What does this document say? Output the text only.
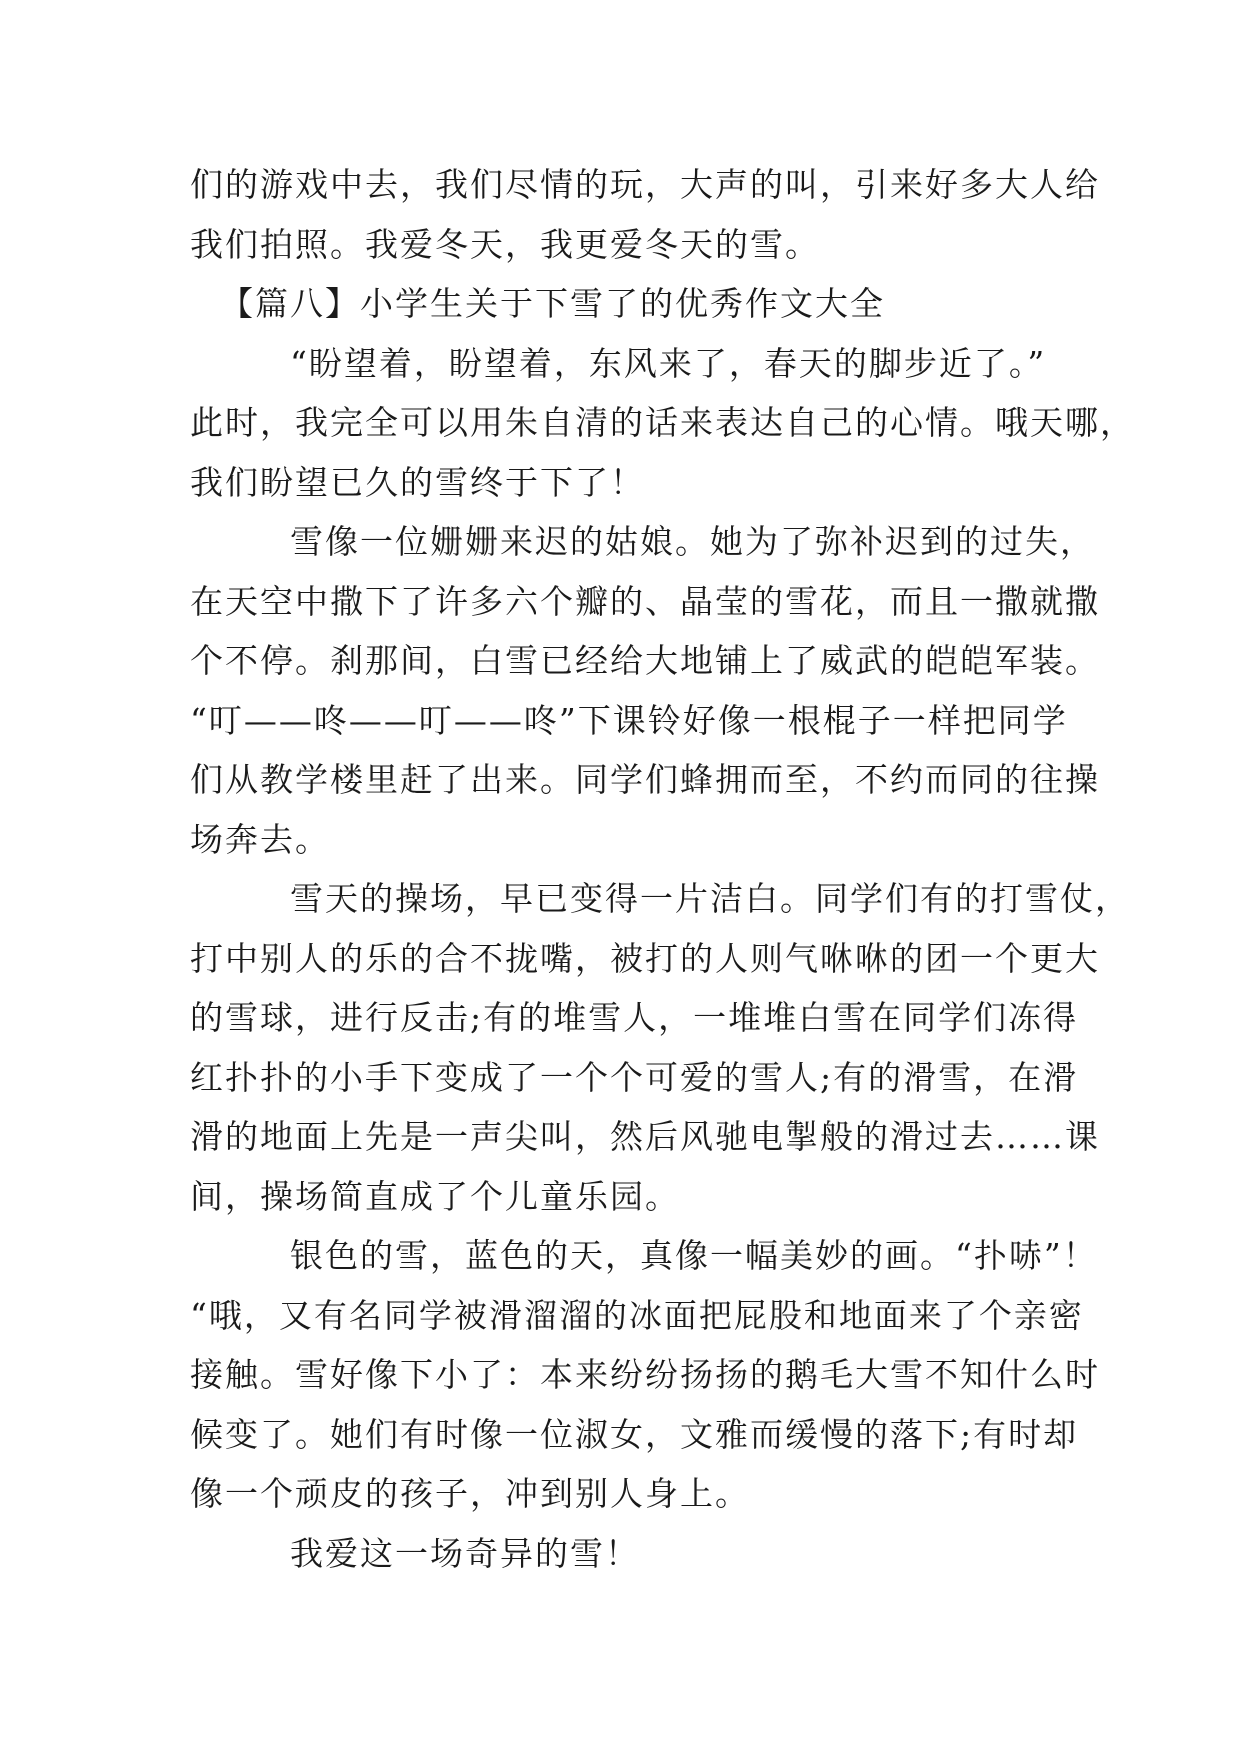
们的游戏中去，我们尽情的玩，大声的叫，引来好多大人给
我们拍照。我爱冬天，我更爱冬天的雪。
【篇八】小学生关于下雪了的优秀作文大全
“盼望着，盼望着，东风来了，春天的脚步近了。”
此时，我完全可以用朱自清的话来表达自己的心情。哦天哪，
我们盼望已久的雪终于下了！
雪像一位姗姗来迟的姑娘。她为了弥补迟到的过失，
在天空中撒下了许多六个瓣的、晶莹的雪花，而且一撒就撒
个不停。刹那间，白雪已经给大地铺上了威武的皑皑军装。
“叮——咚——叮——咚”下课铃好像一根棍子一样把同学
们从教学楼里赶了出来。同学们蜂拥而至，不约而同的往操
场奔去。
雪天的操场，早已变得一片洁白。同学们有的打雪仗，
打中别人的乐的合不拢嘴，被打的人则气咻咻的团一个更大
的雪球，进行反击;有的堆雪人，一堆堆白雪在同学们冻得
红扑扑的小手下变成了一个个可爱的雪人;有的滑雪，在滑
滑的地面上先是一声尖叫，然后风驰电掣般的滑过去……课
间，操场简直成了个儿童乐园。
银色的雪，蓝色的天，真像一幅美妙的画。“扑哧”！
“哦，又有名同学被滑溜溜的冰面把屁股和地面来了个亲密
接触。雪好像下小了：本来纷纷扬扬的鹅毛大雪不知什么时
候变了。她们有时像一位淑女，文雅而缓慢的落下;有时却
像一个顽皮的孩子，冲到别人身上。
我爱这一场奇异的雪！
